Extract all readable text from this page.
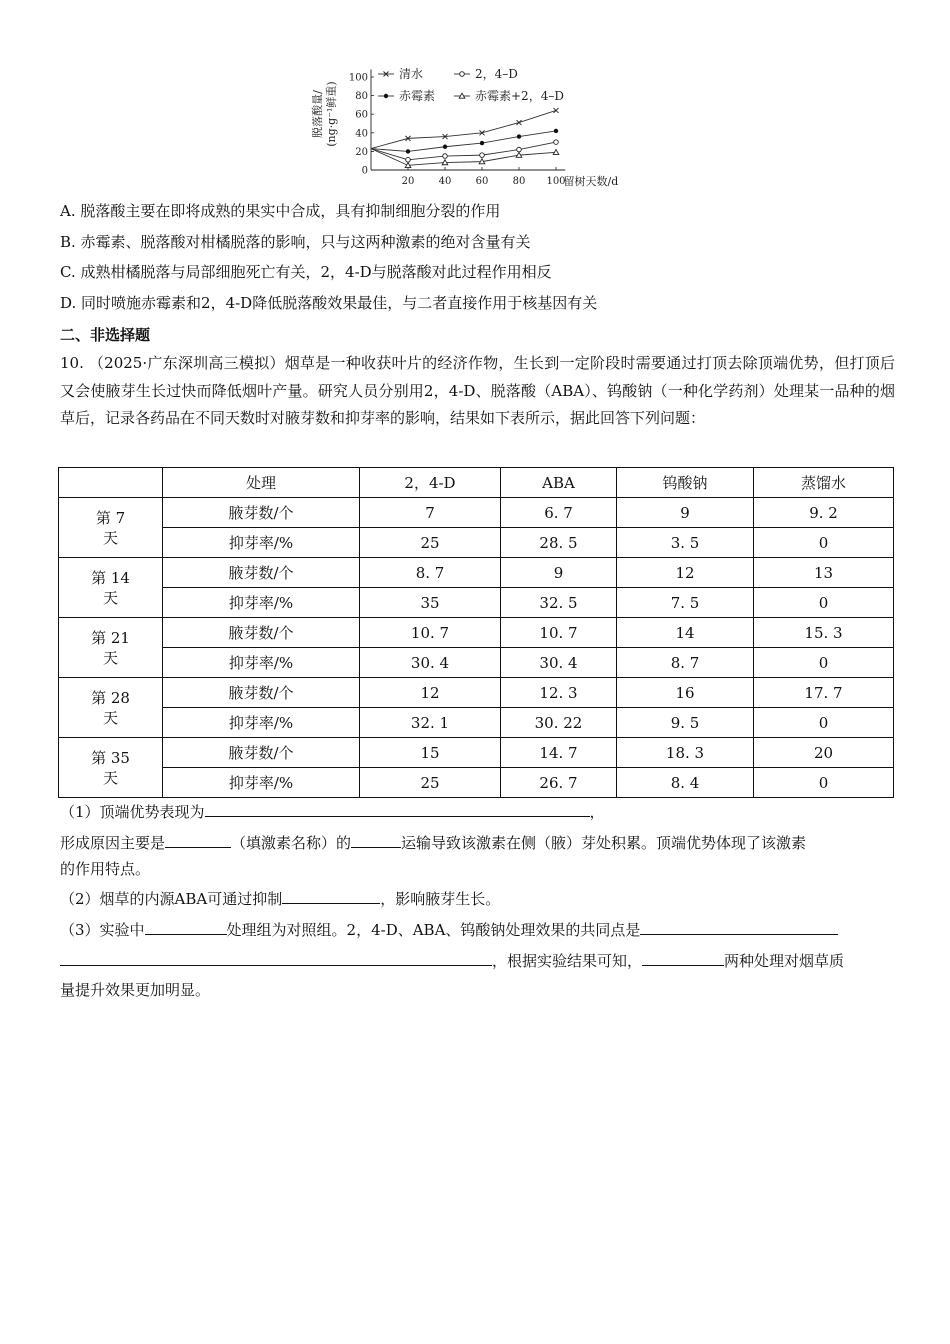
0
20
40
60
80
100
20 40 60 80 100
留树天数/d
脱落酸量/ (ng·g⁻¹鲜重)
清水	2，4–D
赤霉素	赤霉素+2，4–D
A. 脱落酸主要在即将成熟的果实中合成，具有抑制细胞分裂的作用
B. 赤霉素、脱落酸对柑橘脱落的影响，只与这两种激素的绝对含量有关
C. 成熟柑橘脱落与局部细胞死亡有关，2，4-D与脱落酸对此过程作用相反
D. 同时喷施赤霉素和2，4-D降低脱落酸效果最佳，与二者直接作用于核基因有关
二、非选择题
10. （2025·广东深圳高三模拟）烟草是一种收获叶片的经济作物，生长到一定阶段时需要通过打顶去除顶端优势，但打顶后又会使腋芽生长过快而降低烟叶产量。研究人员分别用2，4-D、脱落酸（ABA）、钨酸钠（一种化学药剂）处理某一品种的烟草后，记录各药品在不同天数时对腋芽数和抑芽率的影响，结果如下表所示，据此回答下列问题：
	处理	2，4-D	ABA	钨酸钠	蒸馏水

第 7
天	腋芽数/个	7	6. 7	9	9. 2
	抑芽率/%	25	28. 5	3. 5	0

第 14
天	腋芽数/个	8. 7	9	12	13
	抑芽率/%	35	32. 5	7. 5	0

第 21
天	腋芽数/个	10. 7	10. 7	14	15. 3
	抑芽率/%	30. 4	30. 4	8. 7	0

第 28
天	腋芽数/个	12	12. 3	16	17. 7
	抑芽率/%	32. 1	30. 22	9. 5	0

第 35
天	腋芽数/个	15	14. 7	18. 3	20
	抑芽率/%	25	26. 7	8. 4	0
（1）顶端优势表现为	，
形成原因主要是	（填激素名称）的	运输导致该激素在侧（腋）芽处积累。顶端优势体现了该激素
的作用特点。
（2）烟草的内源ABA可通过抑制	，影响腋芽生长。
（3）实验中	处理组为对照组。2，4-D、ABA、钨酸钠处理效果的共同点是
，根据实验结果可知，	两种处理对烟草质
量提升效果更加明显。
